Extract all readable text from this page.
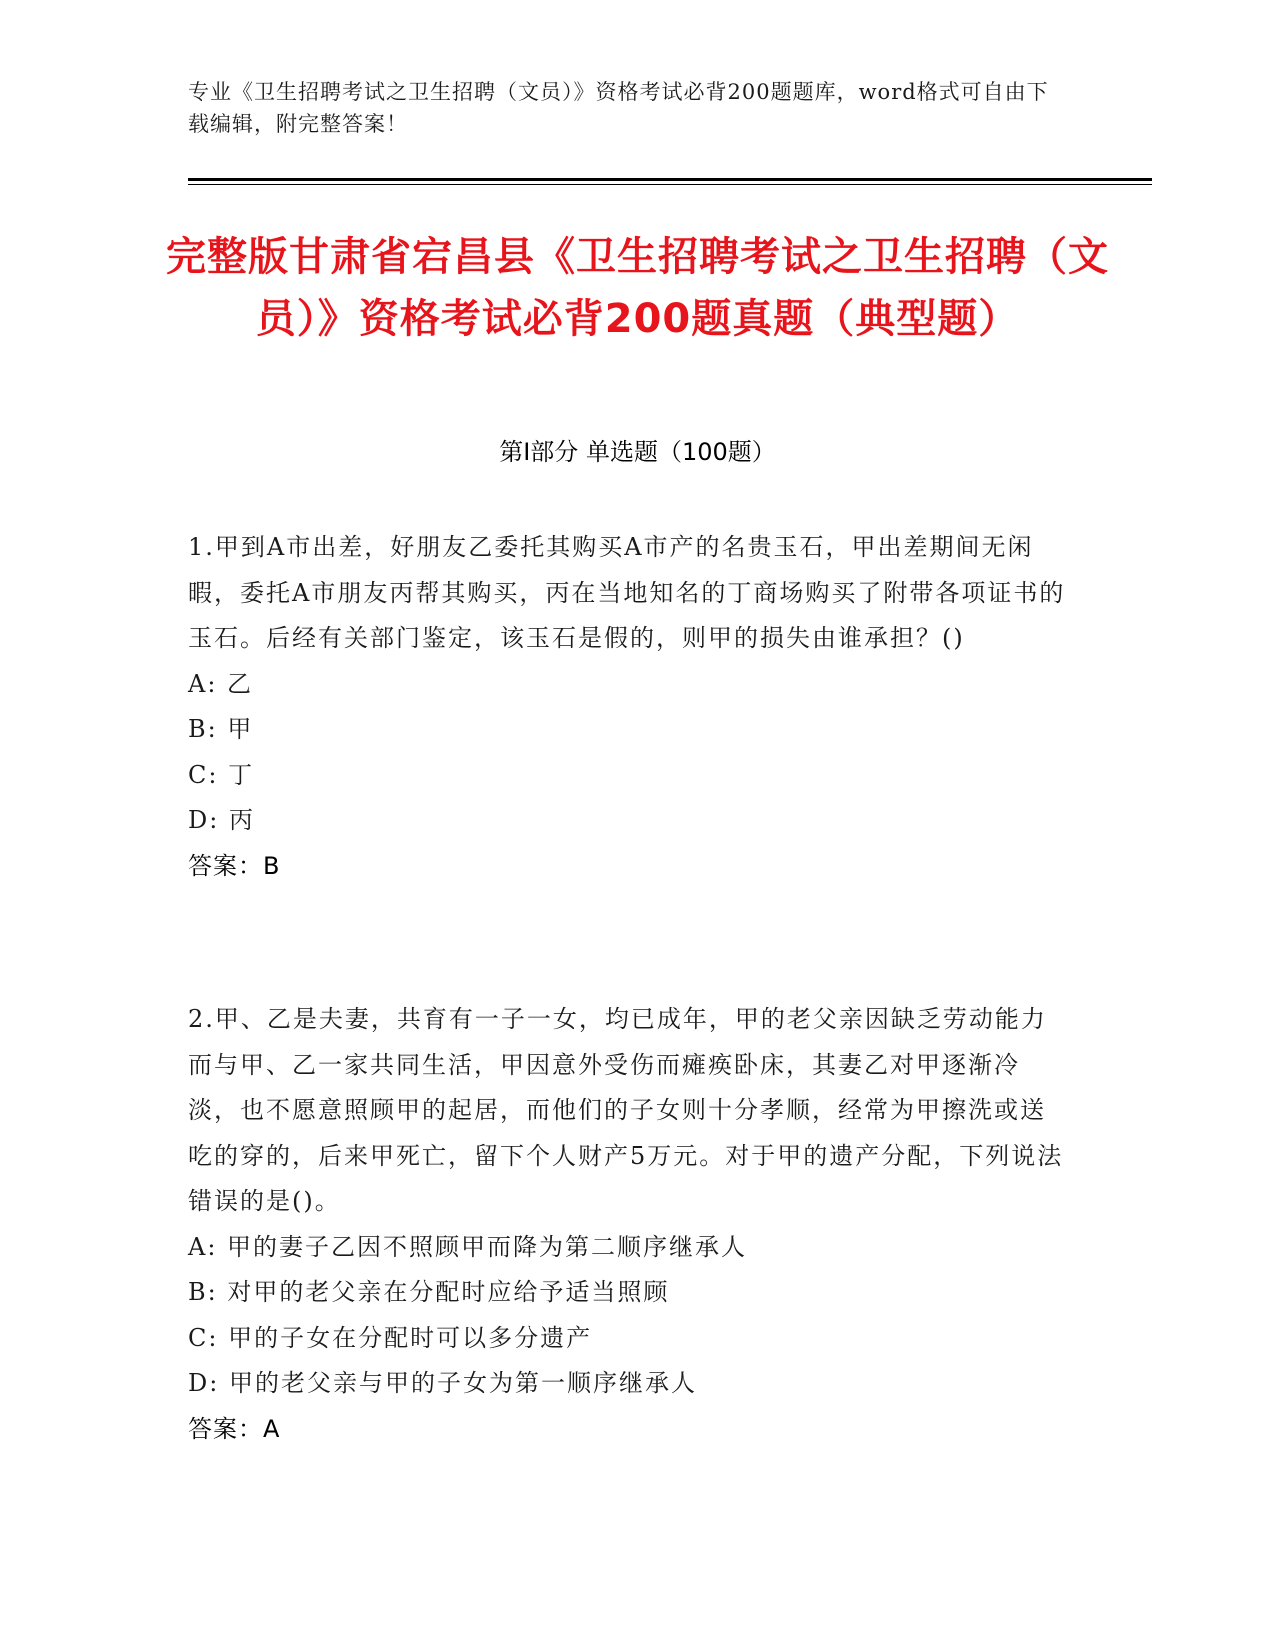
专业《卫生招聘考试之卫生招聘（文员）》资格考试必背200题题库，word格式可自由下载编辑，附完整答案！
完整版甘肃省宕昌县《卫生招聘考试之卫生招聘（文员）》资格考试必背200题真题（典型题）
第Ⅰ部分 单选题（100题）
1.甲到A市出差，好朋友乙委托其购买A市产的名贵玉石，甲出差期间无闲暇，委托A市朋友丙帮其购买，丙在当地知名的丁商场购买了附带各项证书的玉石。后经有关部门鉴定，该玉石是假的，则甲的损失由谁承担？()
A: 乙
B: 甲
C: 丁
D: 丙
答案：B
2.甲、乙是夫妻，共育有一子一女，均已成年，甲的老父亲因缺乏劳动能力而与甲、乙一家共同生活，甲因意外受伤而瘫痪卧床，其妻乙对甲逐渐冷淡，也不愿意照顾甲的起居，而他们的子女则十分孝顺，经常为甲擦洗或送吃的穿的，后来甲死亡，留下个人财产5万元。对于甲的遗产分配，下列说法错误的是()。
A: 甲的妻子乙因不照顾甲而降为第二顺序继承人
B: 对甲的老父亲在分配时应给予适当照顾
C: 甲的子女在分配时可以多分遗产
D: 甲的老父亲与甲的子女为第一顺序继承人
答案：A
